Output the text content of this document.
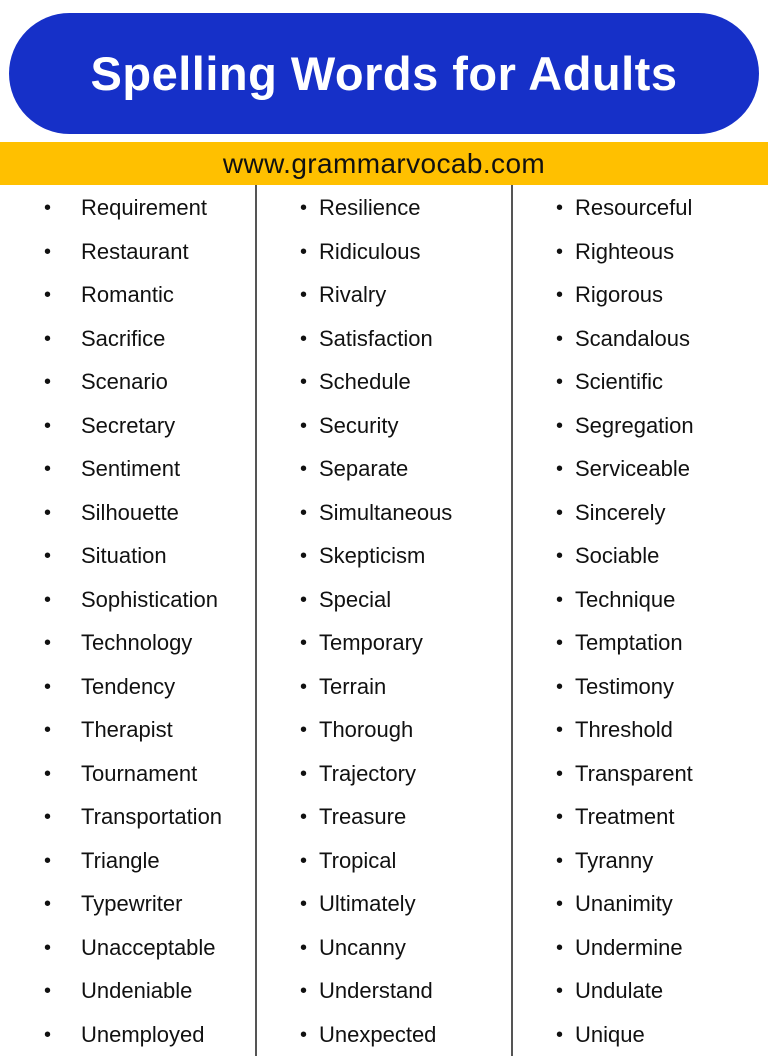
Spelling Words for Adults
www.grammarvocab.com
• Requirement
• Restaurant
• Romantic
• Sacrifice
• Scenario
• Secretary
• Sentiment
• Silhouette
• Situation
• Sophistication
• Technology
• Tendency
• Therapist
• Tournament
• Transportation
• Triangle
• Typewriter
• Unacceptable
• Undeniable
• Unemployed
• Resilience
• Ridiculous
• Rivalry
• Satisfaction
• Schedule
• Security
• Separate
• Simultaneous
• Skepticism
• Special
• Temporary
• Terrain
• Thorough
• Trajectory
• Treasure
• Tropical
• Ultimately
• Uncanny
• Understand
• Unexpected
• Resourceful
• Righteous
• Rigorous
• Scandalous
• Scientific
• Segregation
• Serviceable
• Sincerely
• Sociable
• Technique
• Temptation
• Testimony
• Threshold
• Transparent
• Treatment
• Tyranny
• Unanimity
• Undermine
• Undulate
• Unique
